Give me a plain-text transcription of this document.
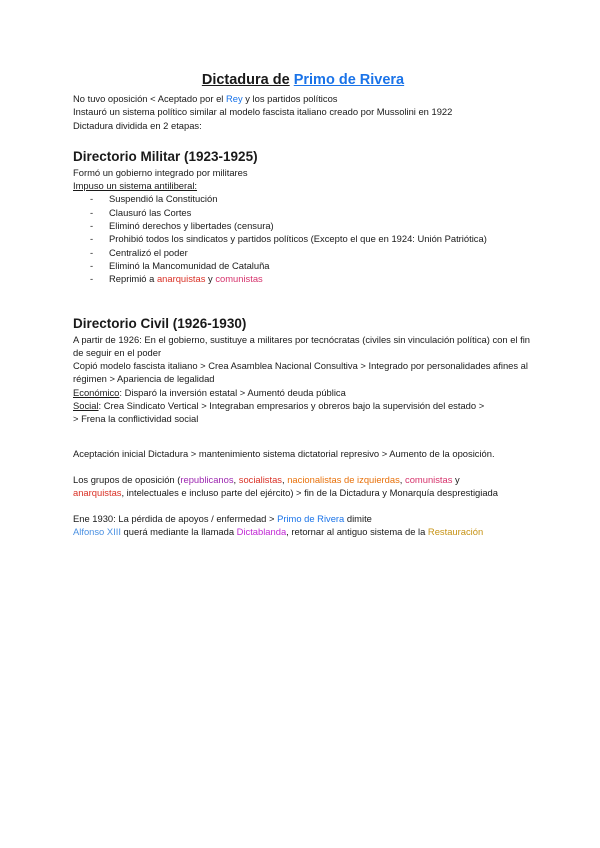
Dictadura de Primo de Rivera

No tuvo oposición < Aceptado por el Rey y los partidos políticos

Instauró un sistema político similar al modelo fascista italiano creado por Mussolini en 1922

Dictadura dividida en 2 etapas:

Directorio Militar (1923-1925)

Formó un gobierno integrado por militares

Impuso un sistema antiliberal:

- Suspendió la Constitución
- Clausuró las Cortes
- Eliminó derechos y libertades (censura)
- Prohibió todos los sindicatos y partidos políticos (Excepto el que en 1924: Unión Patriótica)
- Centralizó el poder
- Eliminó la Mancomunidad de Cataluña
- Reprimió a anarquistas y comunistas
Directorio Civil (1926-1930)

A partir de 1926: En el gobierno, sustituye a militares por tecnócratas (civiles sin vinculación política) con el fin de seguir en el poder

Copió modelo fascista italiano > Crea Asamblea Nacional Consultiva > Integrado por personalidades afines al régimen > Apariencia de legalidad

Económico: Disparó la inversión estatal > Aumentó deuda pública

Social: Crea Sindicato Vertical > Integraban empresarios y obreros bajo la supervisión del estado >

> Frena la conflictividad social

Aceptación inicial Dictadura > mantenimiento sistema dictatorial represivo > Aumento de la oposición.

Los grupos de oposición (republicanos, socialistas, nacionalistas de izquierdas, comunistas y

anarquistas, intelectuales e incluso parte del ejército) > fin de la Dictadura y Monarquía desprestigiada

Ene 1930: La pérdida de apoyos / enfermedad > Primo de Rivera dimite

Alfonso XIII querá mediante la llamada Dictablanda, retornar al antiguo sistema de la Restauración
